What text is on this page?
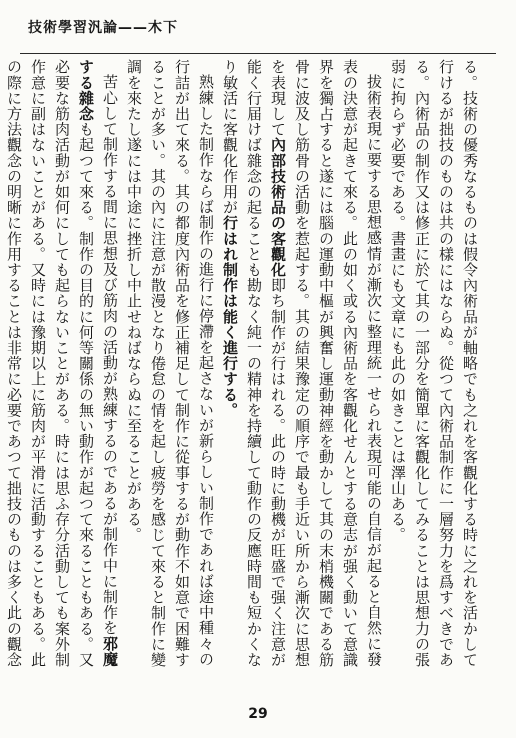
技術學習汎論——木下
る。技術の優秀なるものは假令內術品が軸略でも之れを客觀化する時に之れを活かして行けるが拙技のものは共の樣にはならぬ。從つて內術品制作に一層努力を爲すべきである。內術品の制作又は修正に於て其の一部分を簡單に客觀化してみることは思想力の張弱に拘らず必要である。書畫にも文章にも此の如きことは澤山ある。
拔術表現に要する思想感情が漸次に整理統一せられ表現可能の自信が起ると自然に發表の決意が起きて來る。此の如く或る內術品を客觀化せんとする意志が强く動いて意識界を獨占すると遂には腦の運動中樞が興奮し運動神經を動かして其の末梢機關である筋骨に波及し筋骨の活動を惹起する。其の結果豫定の順序で最も手近い所から漸次に思想を表現して內部技術品の客觀化即ち制作が行はれる。此の時に動機が旺盛で强く注意が能く行届けば雜念の起ることも勘なく純一の精神を持續して動作の反應時間も短かくなり敏活に客觀化作用が行はれ制作は能く進行する。
熟練した制作ならば制作の進行に停滯を起さないが新らしい制作であれば途中種々の行詰が出て來る。其の都度內術品を修正補足して制作に從事するが動作不如意で困難することが多い。其の內に注意が散漫となり倦怠の情を起し疲勞を感じて來ると制作に變調を來たし遂には中途に挫折し中止せねばならぬに至ることがある。
苦心して制作する間に思想及び筋肉の活動が熟練するのであるが制作中に制作を邪魔する雜念も起つて來る。制作の目的に何等關係の無い動作が起つて來ることもある。又必要な筋肉活動が如何にしても起らないことがある。時には思ふ存分活動しても案外制作意に副はないことがある。又時には豫期以上に筋肉が平滑に活動することもある。此の際に方法觀念の明晰に作用することは非常に必要であつて拙技のものは多く此の觀念
29
